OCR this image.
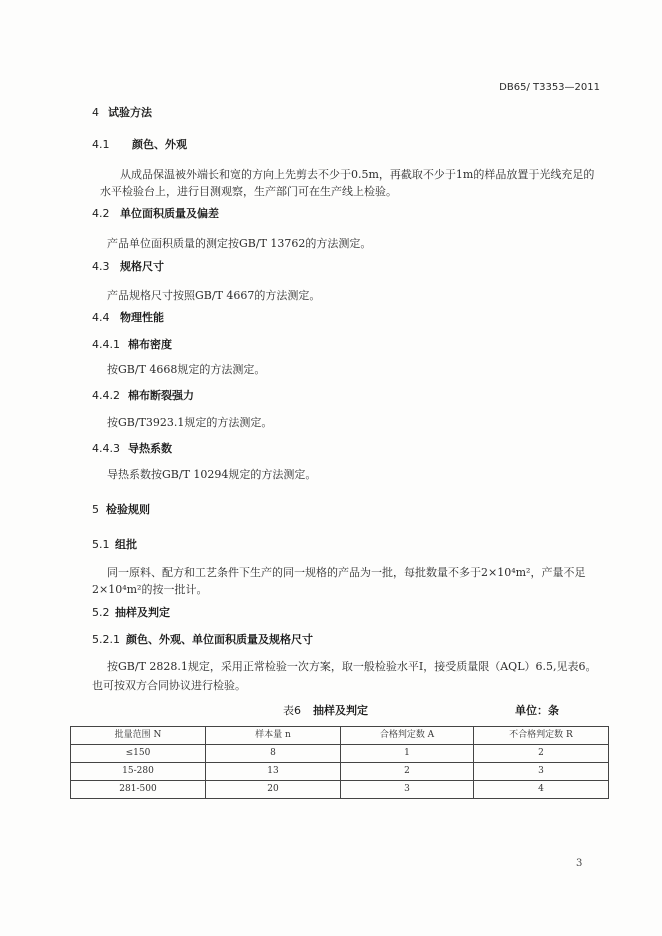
DB65/ T3353—2011
4 试验方法
4.1 颜色、外观
从成品保温被外端长和宽的方向上先剪去不少于0.5m，再截取不少于1m的样品放置于光线充足的
水平检验台上，进行目测观察，生产部门可在生产线上检验。
4.2 单位面积质量及偏差
产品单位面积质量的测定按GB/T 13762的方法测定。
4.3 规格尺寸
产品规格尺寸按照GB/T 4667的方法测定。
4.4 物理性能
4.4.1 棉布密度
按GB/T 4668规定的方法测定。
4.4.2 棉布断裂强力
按GB/T3923.1规定的方法测定。
4.4.3 导热系数
导热系数按GB/T 10294规定的方法测定。
5 检验规则
5.1 组批
同一原料、配方和工艺条件下生产的同一规格的产品为一批，每批数量不多于2×10⁴m²，产量不足
2×10⁴m²的按一批计。
5.2 抽样及判定
5.2.1 颜色、外观、单位面积质量及规格尺寸
按GB/T 2828.1规定，采用正常检验一次方案，取一般检验水平Ⅰ，接受质量限（AQL）6.5,见表6。
也可按双方合同协议进行检验。
表6 抽样及判定	单位：条
批量范围 N	样本量 n	合格判定数 A	不合格判定数 R
≤150	8	1	2
15-280	13	2	3
281-500	20	3	4
3
